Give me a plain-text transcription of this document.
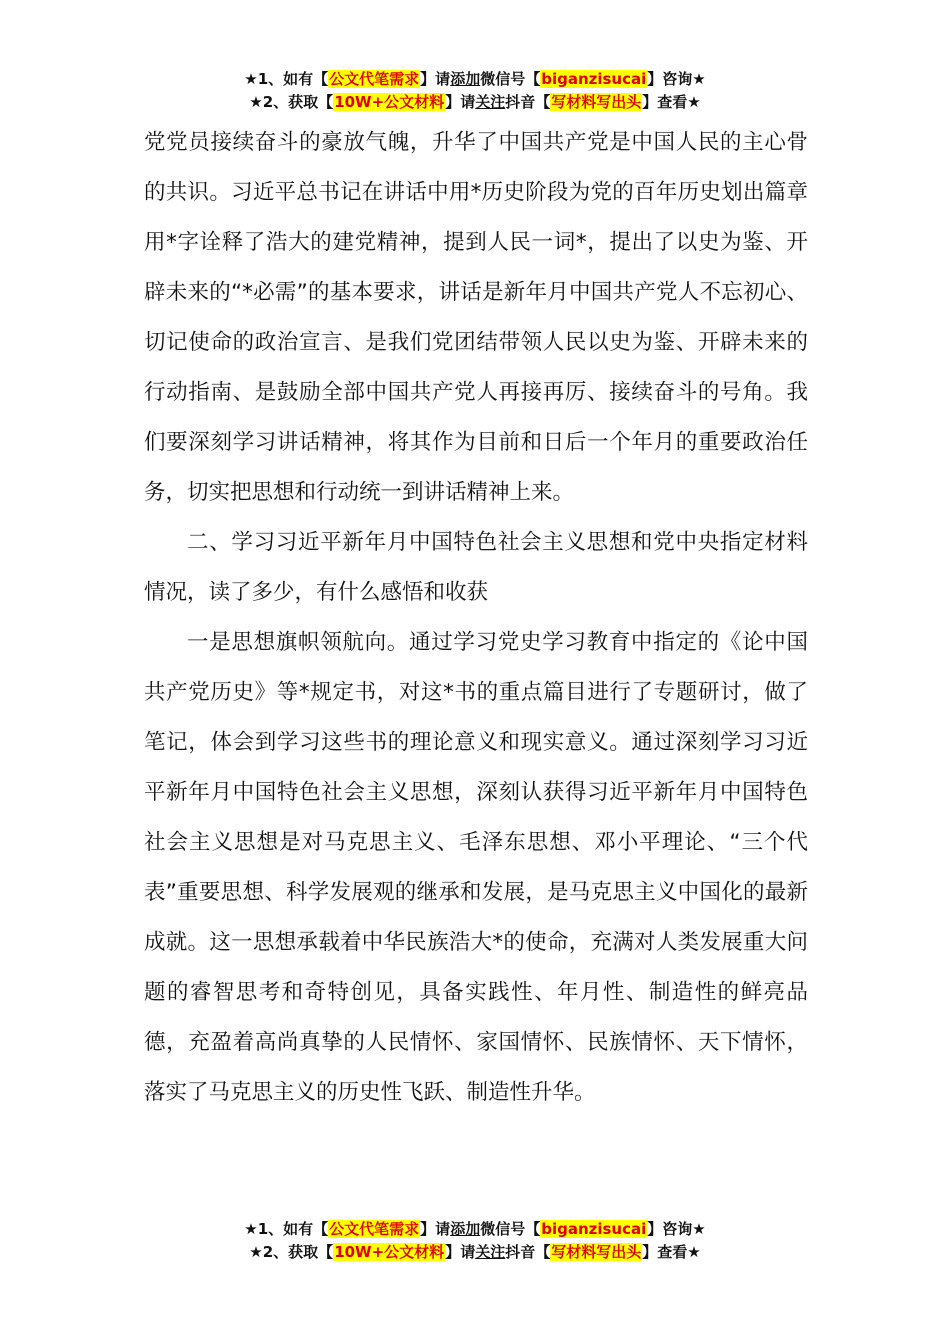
★1、如有【公文代笔需求】请添加微信号【biganzisucai】咨询★
★2、获取【10W+公文材料】请关注抖音【写材料写出头】查看★

党党员接续奋斗的豪放气魄，升华了中国共产党是中国人民的主心骨的共识。习近平总书记在讲话中用*历史阶段为党的百年历史划出篇章用*字诠释了浩大的建党精神，提到人民一词*，提出了以史为鉴、开辟未来的“*必需”的基本要求，讲话是新年月中国共产党人不忘初心、切记使命的政治宣言、是我们党团结带领人民以史为鉴、开辟未来的行动指南、是鼓励全部中国共产党人再接再厉、接续奋斗的号角。我们要深刻学习讲话精神，将其作为目前和日后一个年月的重要政治任务，切实把思想和行动统一到讲话精神上来。

二、学习习近平新年月中国特色社会主义思想和党中央指定材料情况，读了多少，有什么感悟和收获

一是思想旗帜领航向。通过学习党史学习教育中指定的《论中国共产党历史》等*规定书，对这*书的重点篇目进行了专题研讨，做了笔记，体会到学习这些书的理论意义和现实意义。通过深刻学习习近平新年月中国特色社会主义思想，深刻认获得习近平新年月中国特色社会主义思想是对马克思主义、毛泽东思想、邓小平理论、“三个代表”重要思想、科学发展观的继承和发展，是马克思主义中国化的最新成就。这一思想承载着中华民族浩大*的使命，充满对人类发展重大问题的睿智思考和奇特创见，具备实践性、年月性、制造性的鲜亮品德，充盈着高尚真挚的人民情怀、家国情怀、民族情怀、天下情怀，落实了马克思主义的历史性飞跃、制造性升华。

★1、如有【公文代笔需求】请添加微信号【biganzisucai】咨询★
★2、获取【10W+公文材料】请关注抖音【写材料写出头】查看★
